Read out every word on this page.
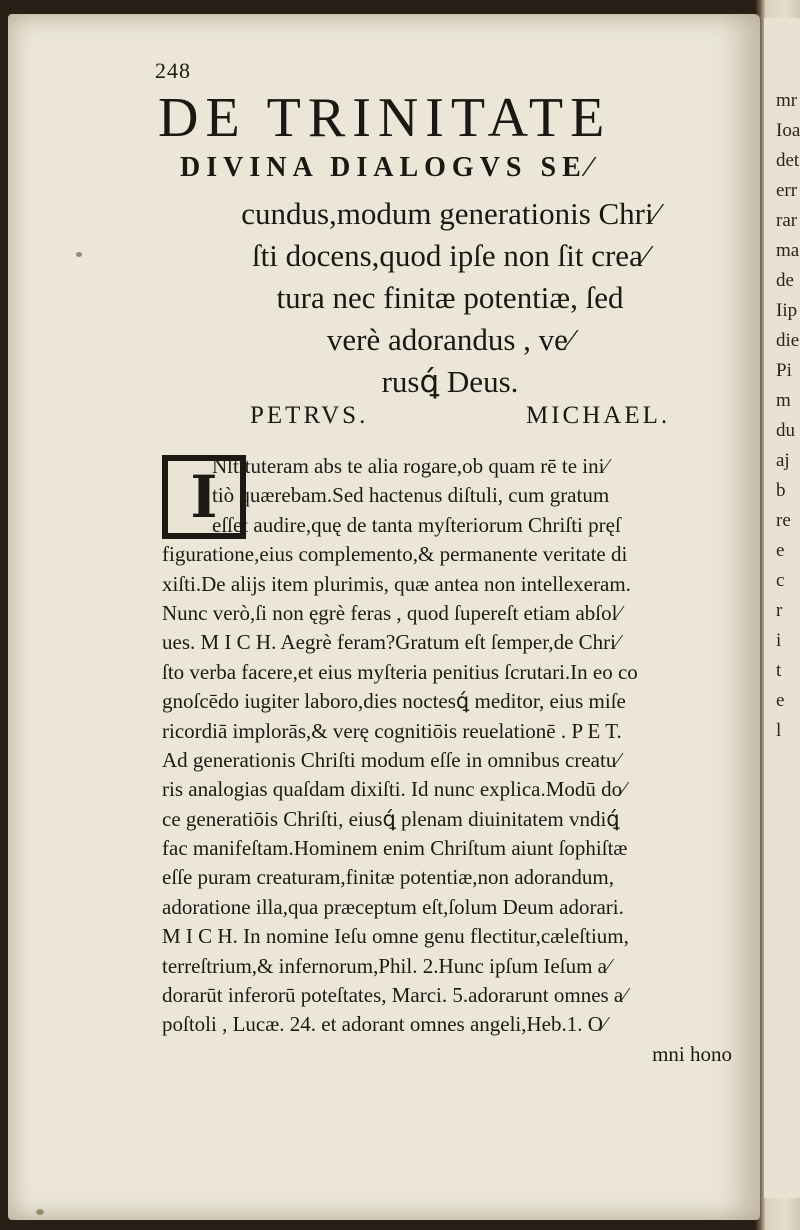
mr
Ioa
det
err
rar
ma
de
Iip
die
Pi
m
du
aj
b
re
e
c
r
i
t
e
l
248
DE TRINITATE
DIVINA DIALOGVS SE⁄
cundus,modum generationis Chri⁄
ſti docens,quod ipſe non ſit crea⁄
tura nec finitæ potentiæ, ſed
verè adorandus , ve⁄
rusꝗ́ Deus.
PETRVS.	MICHAEL.
I
Nſtituteram abs te alia rogare,ob quam rē te ini⁄
tiò quærebam.Sed hactenus diſtuli, cum gratum
eſſet audire,quę de tanta myſteriorum Chriſti pręſ
figuratione,eius complemento,& permanente veritate di
xiſti.De alijs item plurimis, quæ antea non intellexeram.
Nunc verò,ſi non ęgrè feras , quod ſupereſt etiam abſol⁄
ues. M I C H. Aegrè feram?Gratum eſt ſemper,de Chri⁄
ſto verba facere,et eius myſteria penitius ſcrutari.In eo co
gnoſcēdo iugiter laboro,dies noctesꝗ́ meditor, eius miſe
ricordiā implorās,& verę cognitiōis reuelationē . P E T.
Ad generationis Chriſti modum eſſe in omnibus creatu⁄
ris analogias quaſdam dixiſti. Id nunc explica.Modū do⁄
ce generatiōis Chriſti, eiusꝗ́ plenam diuinitatem vndiꝗ́
fac manifeſtam.Hominem enim Chriſtum aiunt ſophiſtæ
eſſe puram creaturam,finitæ potentiæ,non adorandum,
adoratione illa,qua præceptum eſt,ſolum Deum adorari.
M I C H. In nomine Ieſu omne genu flectitur,cæleſtium,
terreſtrium,& infernorum,Phil. 2.Hunc ipſum Ieſum a⁄
dorarūt inferorū poteſtates, Marci. 5.adorarunt omnes a⁄
poſtoli , Lucæ. 24. et adorant omnes angeli,Heb.1. O⁄
mni hono
